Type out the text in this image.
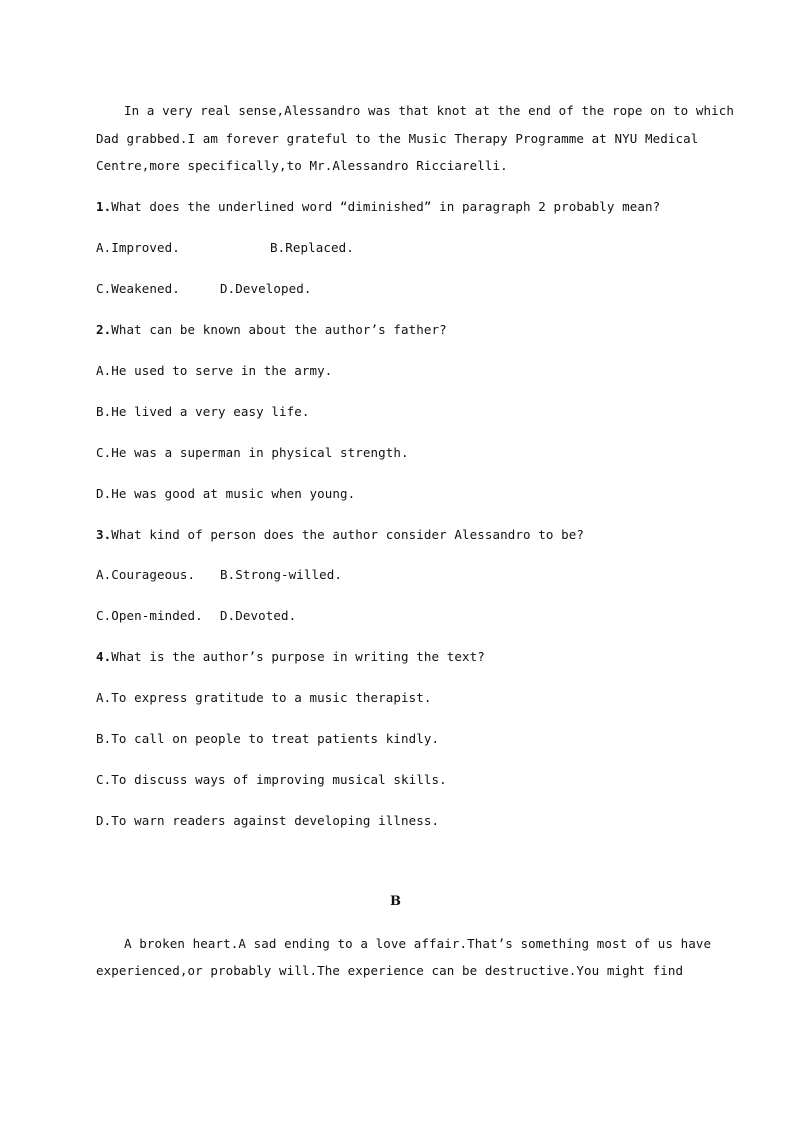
In a very real sense,Alessandro was that knot at the end of the rope on to which
Dad grabbed.I am forever grateful to the Music Therapy Programme at NYU Medical
Centre,more specifically,to Mr.Alessandro Ricciarelli.
1.What does the underlined word “diminished” in paragraph 2 probably mean?
A.Improved.	B.Replaced.
C.Weakened.	D.Developed.
2.What can be known about the author’s father?
A.He used to serve in the army.
B.He lived a very easy life.
C.He was a superman in physical strength.
D.He was good at music when young.
3.What kind of person does the author consider Alessandro to be?
A.Courageous. B.Strong-willed.
C.Open-minded. D.Devoted.
4.What is the author’s purpose in writing the text?
A.To express gratitude to a music therapist.
B.To call on people to treat patients kindly.
C.To discuss ways of improving musical skills.
D.To warn readers against developing illness.
B
A broken heart.A sad ending to a love affair.That’s something most of us have
experienced,or probably will.The experience can be destructive.You might find
